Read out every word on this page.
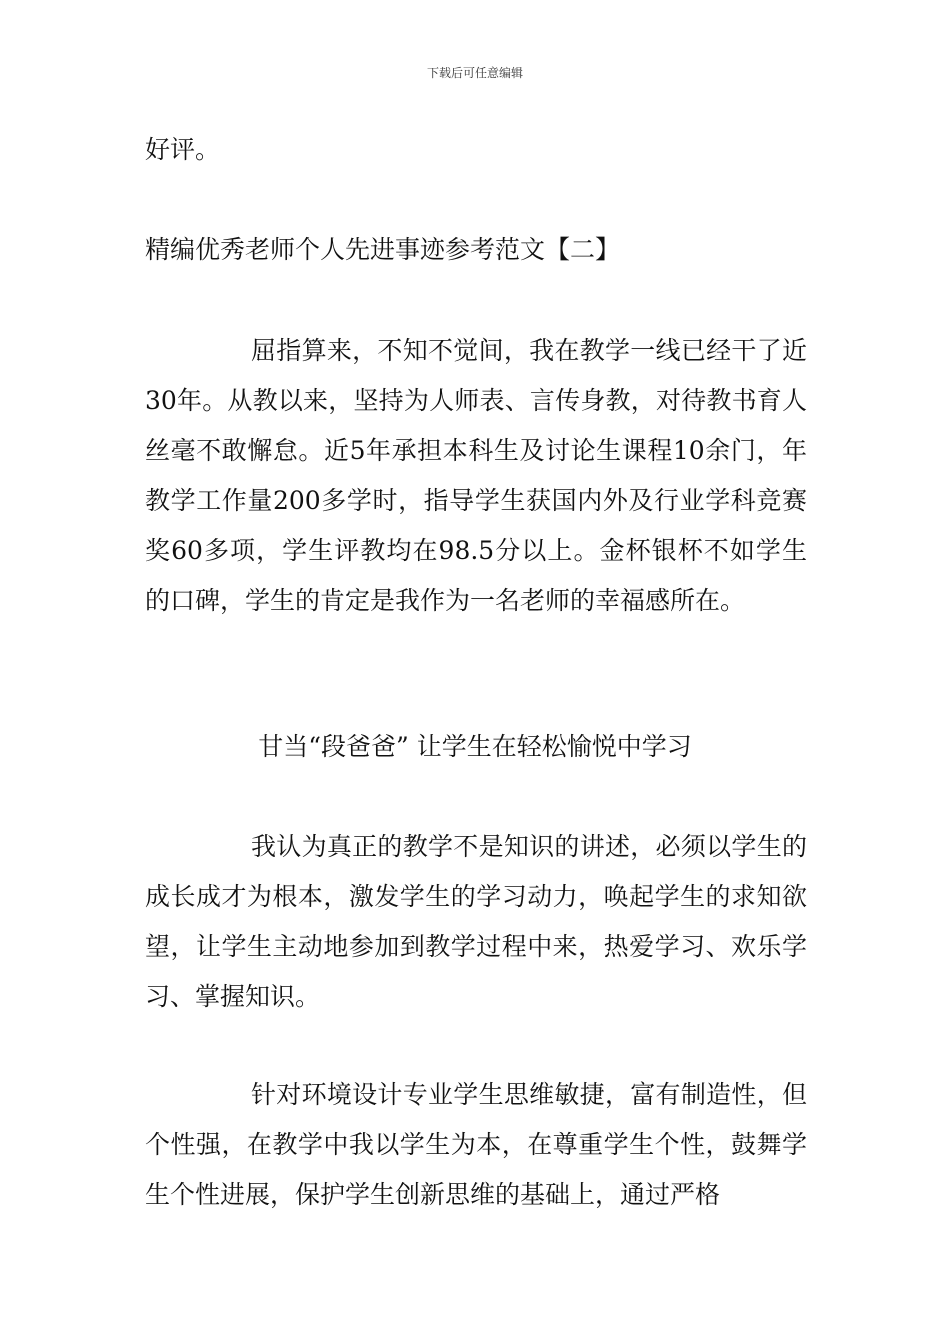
下载后可任意编辑

好评。

精编优秀老师个人先进事迹参考范文【二】

屈指算来，不知不觉间，我在教学一线已经干了近30年。从教以来，坚持为人师表、言传身教，对待教书育人丝毫不敢懈怠。近5年承担本科生及讨论生课程10余门，年教学工作量200多学时，指导学生获国内外及行业学科竞赛奖60多项，学生评教均在98.5分以上。金杯银杯不如学生的口碑，学生的肯定是我作为一名老师的幸福感所在。

甘当“段爸爸” 让学生在轻松愉悦中学习

我认为真正的教学不是知识的讲述，必须以学生的成长成才为根本，激发学生的学习动力，唤起学生的求知欲望，让学生主动地参加到教学过程中来，热爱学习、欢乐学习、掌握知识。

针对环境设计专业学生思维敏捷，富有制造性，但个性强，在教学中我以学生为本，在尊重学生个性，鼓舞学生个性进展，保护学生创新思维的基础上，通过严格
